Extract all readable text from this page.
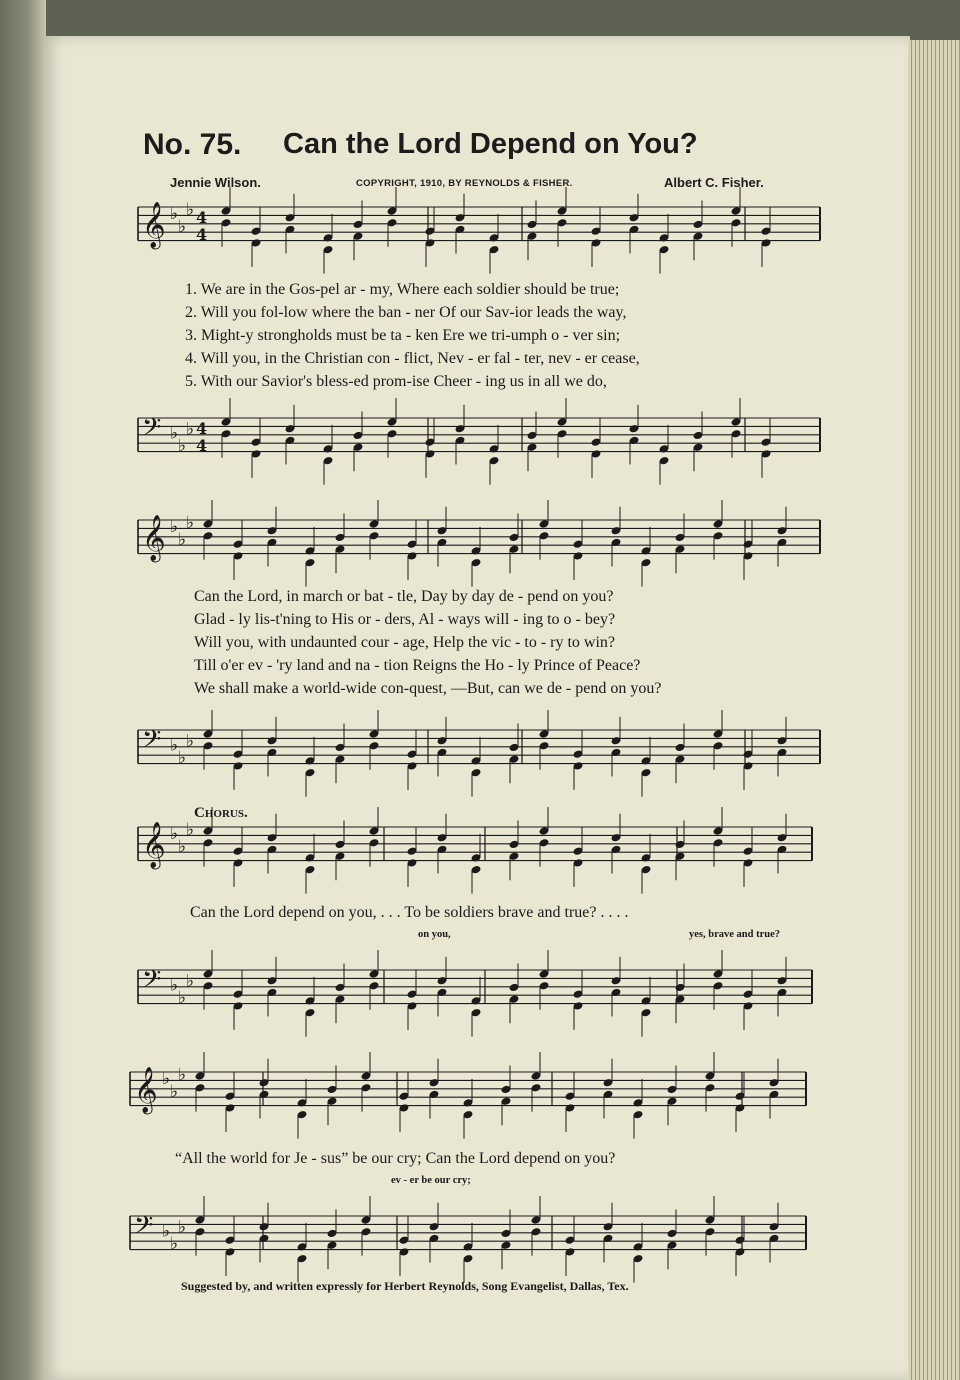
𝄞 ♭
♭
♭ 4
4
𝄢 ♭
♭
♭ 4
4
𝄞 ♭
♭
♭
𝄢 ♭
♭
♭
𝄞 ♭
♭
♭
𝄢 ♭
♭
♭
𝄞 ♭
♭
♭
𝄢 ♭
♭
♭
No. 75. Can the Lord Depend on You?
Jennie Wilson.	COPYRIGHT, 1910, BY REYNOLDS & FISHER.	Albert C. Fisher.
1. We are in the Gos-pel ar - my, Where each soldier should be true;
2. Will you fol-low where the ban - ner Of our Sav-ior leads the way,
3. Might-y strongholds must be ta - ken Ere we tri-umph o - ver sin;
4. Will you, in the Christian con - flict, Nev - er fal - ter, nev - er cease,
5. With our Savior's bless-ed prom-ise Cheer - ing us in all we do,
Can the Lord, in march or bat - tle, Day by day de - pend on you?
Glad - ly lis-t'ning to His or - ders, Al - ways will - ing to o - bey?
Will you, with undaunted cour - age, Help the vic - to - ry to win?
Till o'er ev - 'ry land and na - tion Reigns the Ho - ly Prince of Peace?
We shall make a world-wide con-quest, —But, can we de - pend on you?
Chorus.
Can the Lord depend on you, . . . To be soldiers brave and true? . . . .
on you,	yes, brave and true?
“All the world for Je - sus” be our cry; Can the Lord depend on you?
ev - er be our cry;
Suggested by, and written expressly for Herbert Reynolds, Song Evangelist, Dallas, Tex.
